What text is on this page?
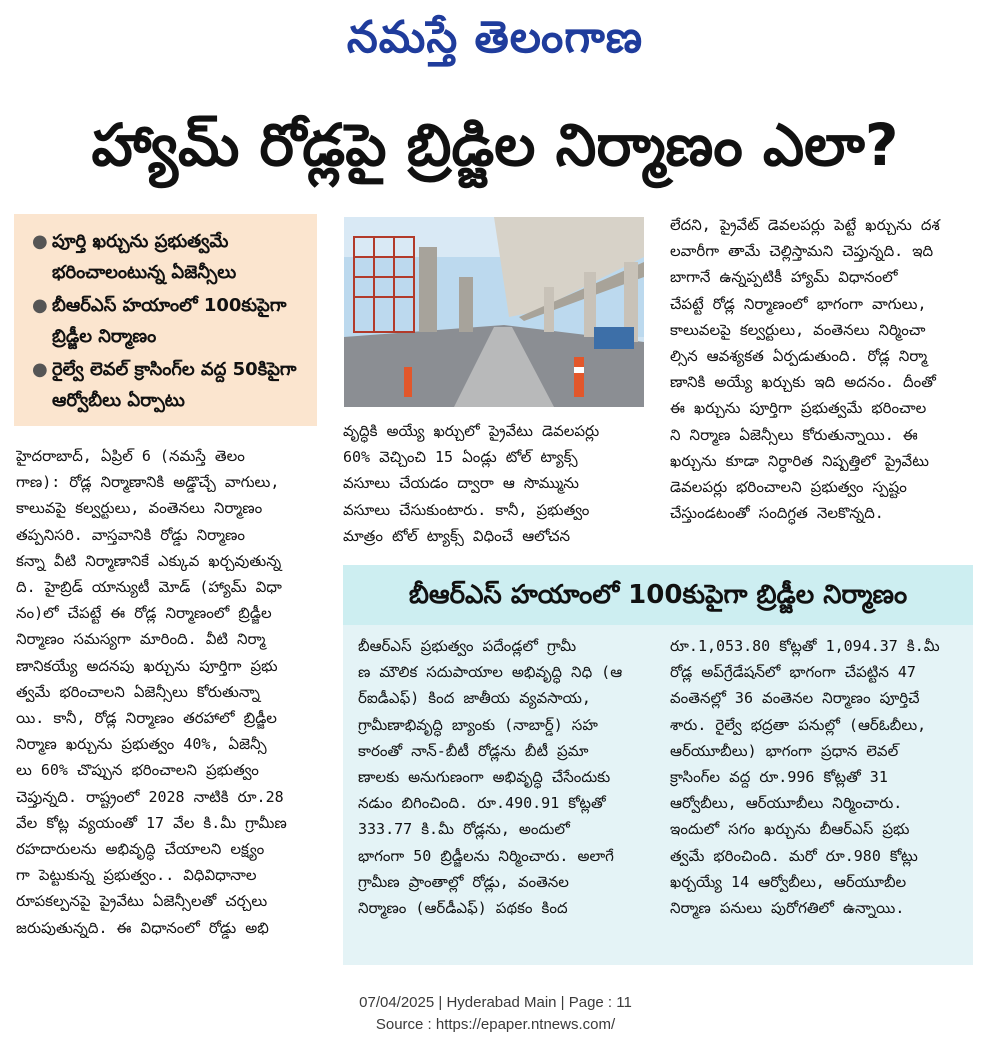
నమస్తే తెలంగాణ
హ్యామ్ రోడ్లపై బ్రిడ్జిల నిర్మాణం ఎలా?
● పూర్తి ఖర్చును ప్రభుత్వమే భరించాలంటున్న ఏజెన్సీలు
● బీఆర్‌ఎస్ హయాంలో 100కుపైగా బ్రిడ్జీల నిర్మాణం
● రైల్వే లెవల్ క్రాసింగ్‌ల వద్ద 50కిపైగా ఆర్వోబీలు ఏర్పాటు

హైదరాబాద్, ఏప్రిల్ 6 (నమస్తే తెలం

గాణ): రోడ్ల నిర్మాణానికి అడ్డొచ్చే వాగులు,

కాలువపై కల్వర్టులు, వంతెనలు నిర్మాణం

తప్పనిసరి. వాస్తవానికి రోడ్డు నిర్మాణం

కన్నా వీటి నిర్మాణానికే ఎక్కువ ఖర్చవుతున్న

ది. హైబ్రిడ్ యాన్యుటీ మోడ్ (హ్యామ్ విధా

నం)లో చేపట్టే ఈ రోడ్ల నిర్మాణంలో బ్రిడ్జీల

నిర్మాణం సమస్యగా మారింది. వీటి నిర్మా

ణానికయ్యే అదనపు ఖర్చును పూర్తిగా ప్రభు

త్వమే భరించాలని ఏజెన్సీలు కోరుతున్నా

యి. కానీ, రోడ్ల నిర్మాణం తరహాలో బ్రిడ్జీల

నిర్మాణ ఖర్చును ప్రభుత్వం 40%, ఏజెన్సీ

లు 60% చొప్పున భరించాలని ప్రభుత్వం

చెప్తున్నది. రాష్ట్రంలో 2028 నాటికి రూ.28

వేల కోట్ల వ్యయంతో 17 వేల కి.మీ గ్రామీణ

రహదారులను అభివృద్ధి చేయాలని లక్ష్యం

గా పెట్టుకున్న ప్రభుత్వం.. విధివిధానాల

రూపకల్పనపై ప్రైవేటు ఏజెన్సీలతో చర్చలు

జరుపుతున్నది. ఈ విధానంలో రోడ్డు అభి

వృద్ధికి అయ్యే ఖర్చులో ప్రైవేటు డెవలపర్లు

60% వెచ్చించి 15 ఏండ్లు టోల్ ట్యాక్స్

వసూలు చేయడం ద్వారా ఆ సొమ్మును

వసూలు చేసుకుంటారు. కానీ, ప్రభుత్వం

మాత్రం టోల్ ట్యాక్స్ విధించే ఆలోచన

లేదని, ప్రైవేట్ డెవలపర్లు పెట్టే ఖర్చును దశ

లవారీగా తామే చెల్లిస్తామని చెప్తున్నది. ఇది

బాగానే ఉన్నప్పటికీ హ్యామ్ విధానంలో

చేపట్టే రోడ్ల నిర్మాణంలో భాగంగా వాగులు,

కాలువలపై కల్వర్టులు, వంతెనలు నిర్మించా

ల్సిన ఆవశ్యకత ఏర్పడుతుంది. రోడ్ల నిర్మా

ణానికి అయ్యే ఖర్చుకు ఇది అదనం. దీంతో

ఈ ఖర్చును పూర్తిగా ప్రభుత్వమే భరించాల

ని నిర్మాణ ఏజెన్సీలు కోరుతున్నాయి. ఈ

ఖర్చును కూడా నిర్ధారిత నిష్పత్తిలో ప్రైవేటు

డెవలపర్లు భరించాలని ప్రభుత్వం స్పష్టం

చేస్తుండటంతో సందిగ్ధత నెలకొన్నది.

బీఆర్‌ఎస్ హయాంలో 100కుపైగా బ్రిడ్జీల నిర్మాణం

బీఆర్‌ఎస్ ప్రభుత్వం పదేండ్లలో గ్రామీ

ణ మౌలిక సదుపాయాల అభివృద్ధి నిధి (ఆ

ర్‌ఐడీఎఫ్) కింద జాతీయ వ్యవసాయ,

గ్రామీణాభివృద్ధి బ్యాంకు (నాబార్డ్) సహ

కారంతో నాన్-బీటీ రోడ్లను బీటీ ప్రమా

ణాలకు అనుగుణంగా అభివృద్ధి చేసేందుకు

నడుం బిగించింది. రూ.490.91 కోట్లతో

333.77 కి.మీ రోడ్లను, అందులో

భాగంగా 50 బ్రిడ్జీలను నిర్మించారు. అలాగే

గ్రామీణ ప్రాంతాల్లో రోడ్లు, వంతెనల

నిర్మాణం (ఆర్‌డీఎఫ్) పథకం కింద

రూ.1,053.80 కోట్లతో 1,094.37 కి.మీ

రోడ్ల అప్‌గ్రేడేషన్‌లో భాగంగా చేపట్టిన 47

వంతెనల్లో 36 వంతెనల నిర్మాణం పూర్తిచే

శారు. రైల్వే భద్రతా పనుల్లో (ఆర్‌ఓబీలు,

ఆర్‌యూబీలు) భాగంగా ప్రధాన లెవల్

క్రాసింగ్‌ల వద్ద రూ.996 కోట్లతో 31

ఆర్వోబీలు, ఆర్‌యూబీలు నిర్మించారు.

ఇందులో సగం ఖర్చును బీఆర్‌ఎస్ ప్రభు

త్వమే భరించింది. మరో రూ.980 కోట్లు

ఖర్చయ్యే 14 ఆర్వోబీలు, ఆర్‌యూబీల

నిర్మాణ పనులు పురోగతిలో ఉన్నాయి.

07/04/2025 | Hyderabad Main | Page : 11
Source : https://epaper.ntnews.com/
